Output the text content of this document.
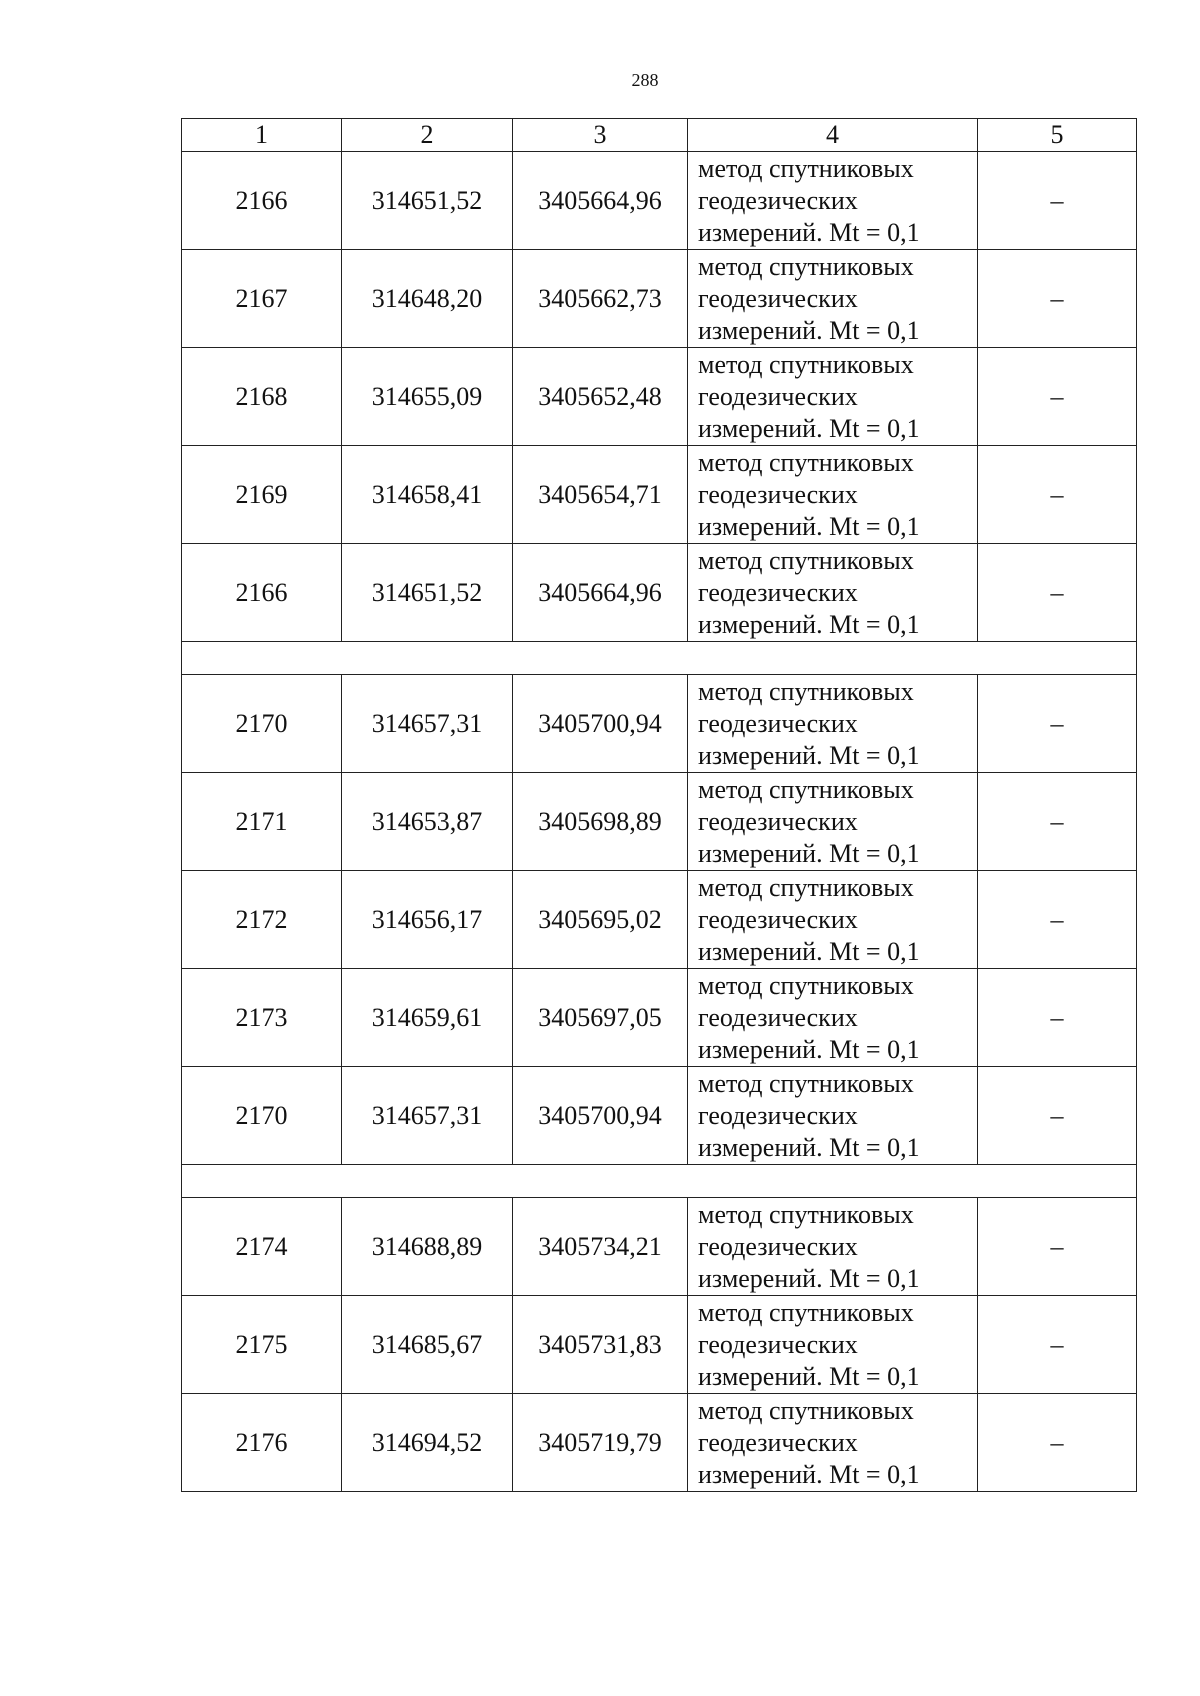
288
1	2	3	4	5
2166	314651,52	3405664,96	метод спутниковых
геодезических
измерений. Mt = 0,1	–
2167	314648,20	3405662,73	метод спутниковых
геодезических
измерений. Mt = 0,1	–
2168	314655,09	3405652,48	метод спутниковых
геодезических
измерений. Mt = 0,1	–
2169	314658,41	3405654,71	метод спутниковых
геодезических
измерений. Mt = 0,1	–
2166	314651,52	3405664,96	метод спутниковых
геодезических
измерений. Mt = 0,1	–

2170	314657,31	3405700,94	метод спутниковых
геодезических
измерений. Mt = 0,1	–
2171	314653,87	3405698,89	метод спутниковых
геодезических
измерений. Mt = 0,1	–
2172	314656,17	3405695,02	метод спутниковых
геодезических
измерений. Mt = 0,1	–
2173	314659,61	3405697,05	метод спутниковых
геодезических
измерений. Mt = 0,1	–
2170	314657,31	3405700,94	метод спутниковых
геодезических
измерений. Mt = 0,1	–

2174	314688,89	3405734,21	метод спутниковых
геодезических
измерений. Mt = 0,1	–
2175	314685,67	3405731,83	метод спутниковых
геодезических
измерений. Mt = 0,1	–
2176	314694,52	3405719,79	метод спутниковых
геодезических
измерений. Mt = 0,1	–
